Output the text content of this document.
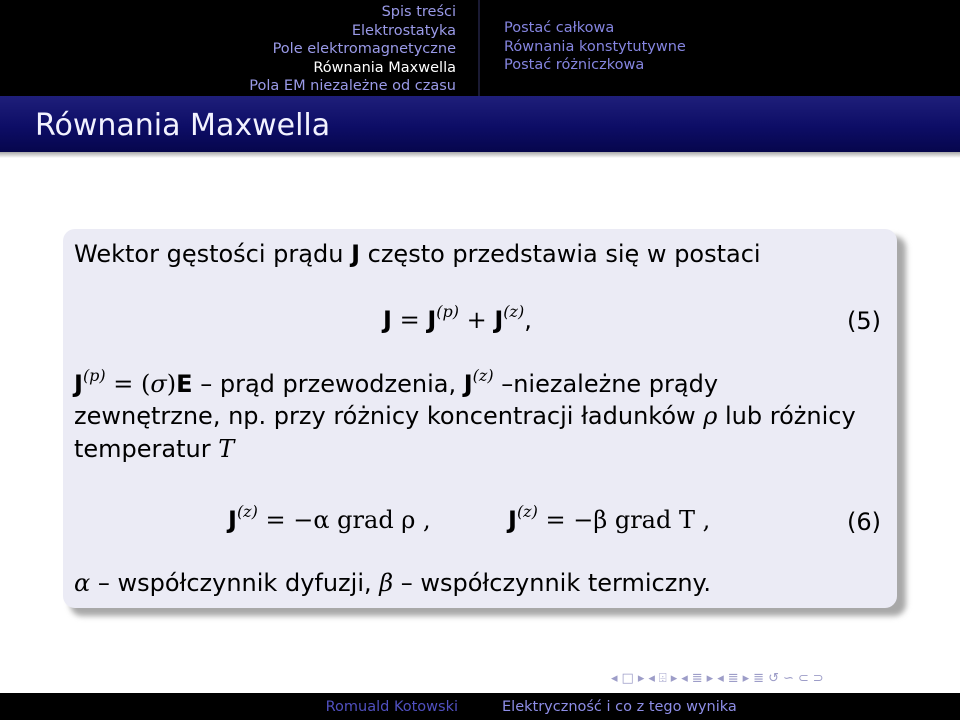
Spis treści
Elektrostatyka
Pole elektromagnetyczne
Równania Maxwella
Pola EM niezależne od czasu
Postać całkowa
Równania konstytutywne
Postać różniczkowa
Równania Maxwella
Wektor gęstości prądu J często przedstawia się w postaci
$J = J^{(p)} + J^{(z)}$,	(5)
$J^{(p)} = (\sigma)E$ – prąd przewodzenia, $J^{(z)}$ –niezależne prądy
zewnętrzne, np. przy różnicy koncentracji ładunków ρ lub różnicy
temperatur T
$J^{(z)} = -\alpha$ grad ρ ,	$J^{(z)} = -\beta$ grad T ,	(6)
α – współczynnik dyfuzji, β – współczynnik termiczny.
◂ □ ▸ ◂ ⌹ ▸ ◂ ≣ ▸ ◂ ≣ ▸ ≣ ↺ ∽ ⊂ ⊃
Romuald Kotowski	Elektryczność i co z tego wynika
